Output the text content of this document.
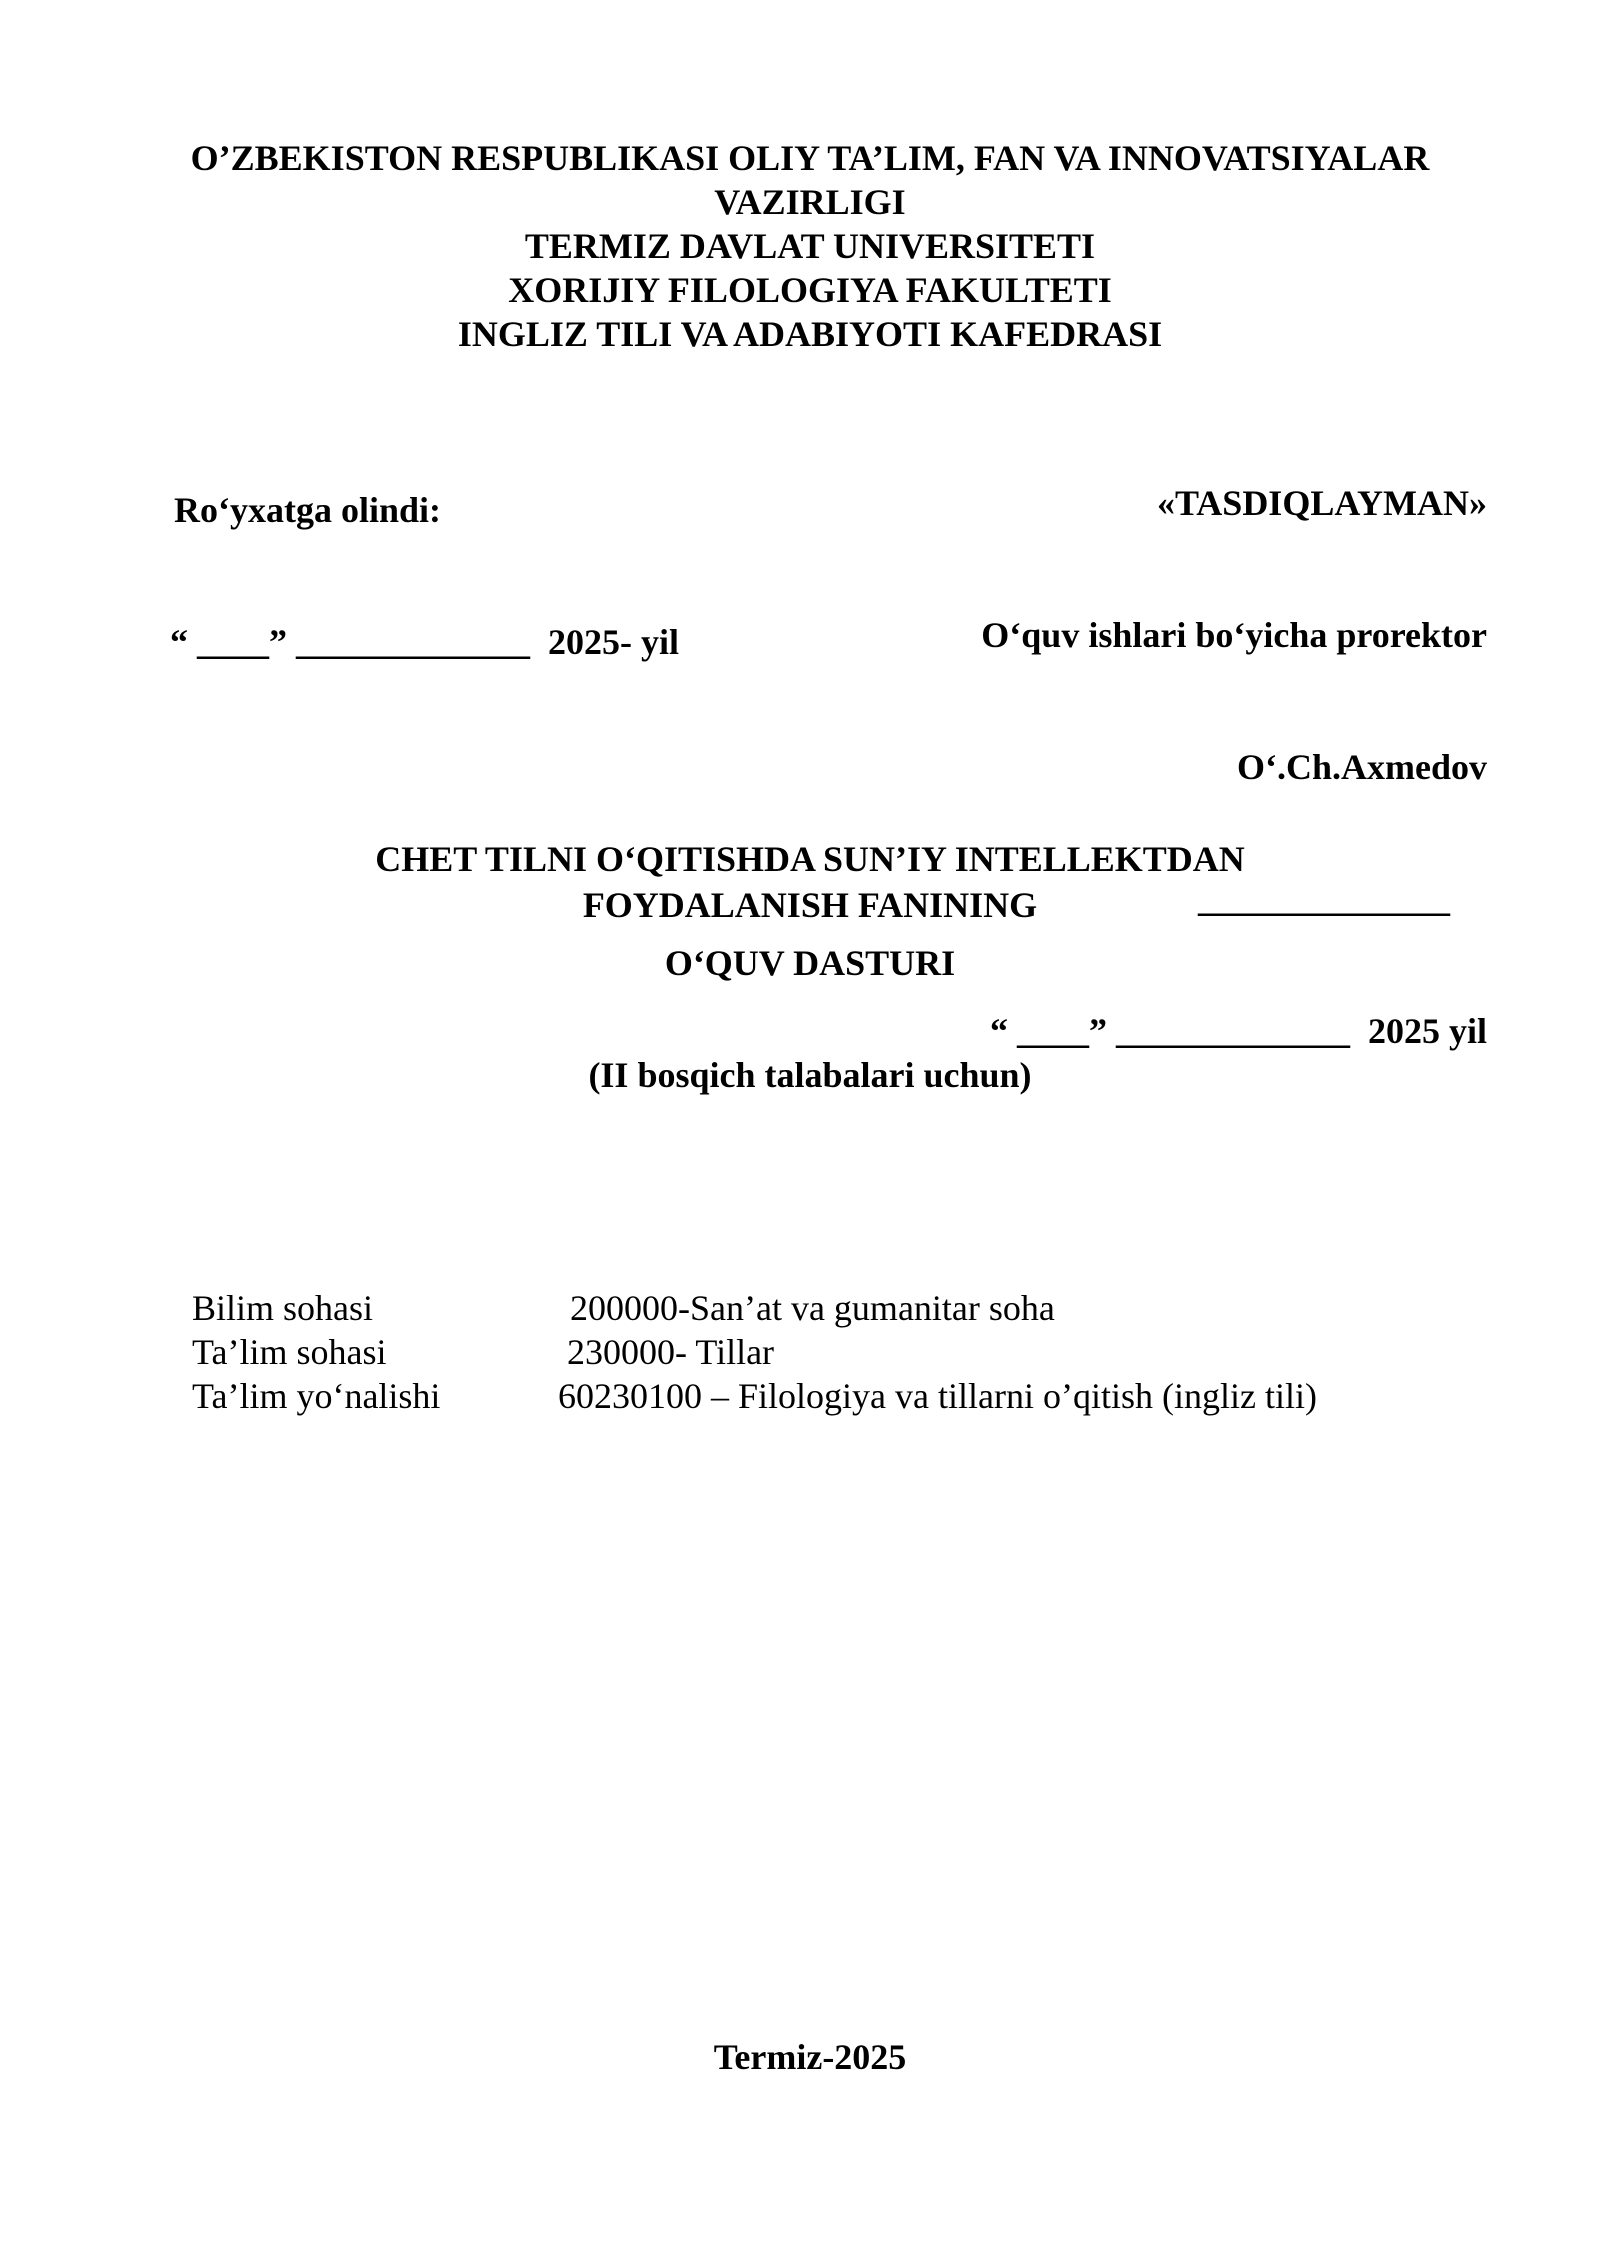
O’ZBEKISTON RESPUBLIKASI OLIY TA’LIM, FAN VA INNOVATSIYALAR
VAZIRLIGI
TERMIZ DAVLAT UNIVERSITETI
XORIJIY FILOLOGIYA FAKULTETI
INGLIZ TILI VA ADABIYOTI KAFEDRASI

Ro‘yxatga olindi:

“ ____” _____________  2025- yil

«TASDIQLAYMAN»

O‘quv ishlari bo‘yicha prorektor

O‘.Ch.Axmedov

______________

“ ____” _____________  2025 yil

CHET TILNI O‘QITISHDA SUN’IY INTELLEKTDAN
FOYDALANISH FANINING
O‘QUV DASTURI
(II bosqich talabalari uchun)
Bilim sohasi	200000-San’at va gumanitar soha
Ta’lim sohasi	230000- Tillar
Ta’lim yo‘nalishi	60230100 – Filologiya va tillarni o’qitish (ingliz tili)
Termiz-2025
